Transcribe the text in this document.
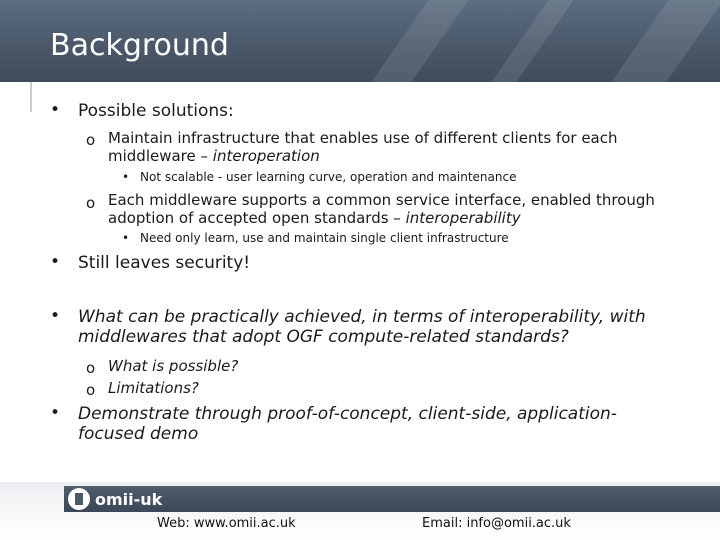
Background
• Possible solutions:
o Maintain infrastructure that enables use of different clients for each middleware – interoperation
• Not scalable - user learning curve, operation and maintenance
o Each middleware supports a common service interface, enabled through adoption of accepted open standards – interoperability
• Need only learn, use and maintain single client infrastructure
• Still leaves security!
• What can be practically achieved, in terms of interoperability, with middlewares that adopt OGF compute-related standards?
o What is possible?
o Limitations?
• Demonstrate through proof-of-concept, client-side, application-focused demo
omii-uk
Web: www.omii.ac.uk	Email: info@omii.ac.uk
